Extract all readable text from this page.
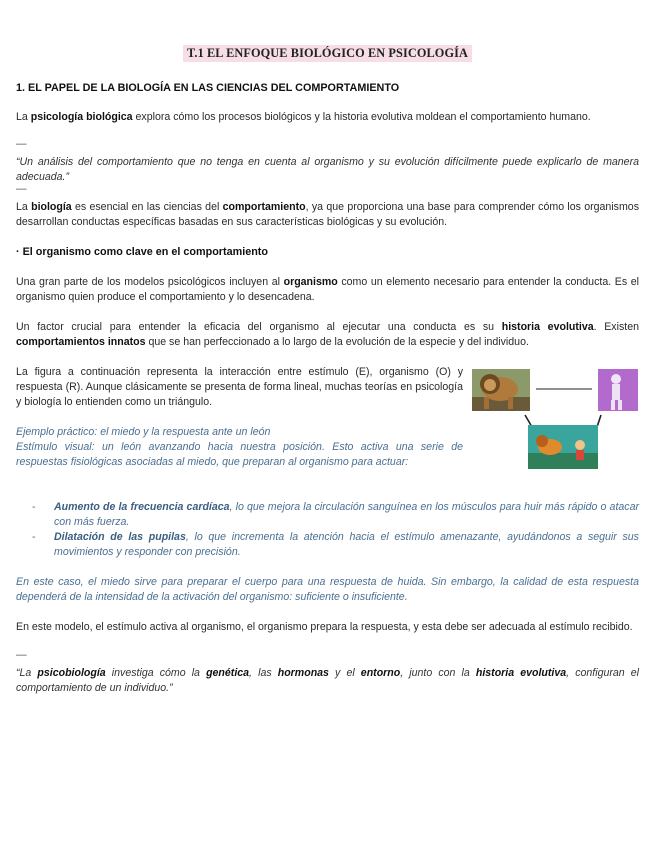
T.1 EL ENFOQUE BIOLÓGICO EN PSICOLOGÍA

1. EL PAPEL DE LA BIOLOGÍA EN LAS CIENCIAS DEL COMPORTAMIENTO

La psicología biológica explora cómo los procesos biológicos y la historia evolutiva moldean el comportamiento humano.

—

“Un análisis del comportamiento que no tenga en cuenta al organismo y su evolución difícilmente puede explicarlo de manera adecuada.”

—

La biología es esencial en las ciencias del comportamiento, ya que proporciona una base para comprender cómo los organismos desarrollan conductas específicas basadas en sus características biológicas y su evolución.

· El organismo como clave en el comportamiento

Una gran parte de los modelos psicológicos incluyen al organismo como un elemento necesario para entender la conducta. Es el organismo quien produce el comportamiento y lo desencadena.

Un factor crucial para entender la eficacia del organismo al ejecutar una conducta es su historia evolutiva. Existen comportamientos innatos que se han perfeccionado a lo largo de la evolución de la especie y del individuo.

La figura a continuación representa la interacción entre estímulo (E), organismo (O) y respuesta (R). Aunque clásicamente se presenta de forma lineal, muchas teorías en psicología y biología lo entienden como un triángulo.

Ejemplo práctico: el miedo y la respuesta ante un león

Estímulo visual: un león avanzando hacia nuestra posición. Esto activa una serie de respuestas fisiológicas asociadas al miedo, que preparan al organismo para actuar:

- Aumento de la frecuencia cardíaca, lo que mejora la circulación sanguínea en los músculos para huir más rápido o atacar con más fuerza.
- Dilatación de las pupilas, lo que incrementa la atención hacia el estímulo amenazante, ayudándonos a seguir sus movimientos y responder con precisión.

En este caso, el miedo sirve para preparar el cuerpo para una respuesta de huida. Sin embargo, la calidad de esta respuesta dependerá de la intensidad de la activación del organismo: suficiente o insuficiente.

En este modelo, el estímulo activa al organismo, el organismo prepara la respuesta, y esta debe ser adecuada al estímulo recibido.

—

“La psicobiología investiga cómo la genética, las hormonas y el entorno, junto con la historia evolutiva, configuran el comportamiento de un individuo.”
